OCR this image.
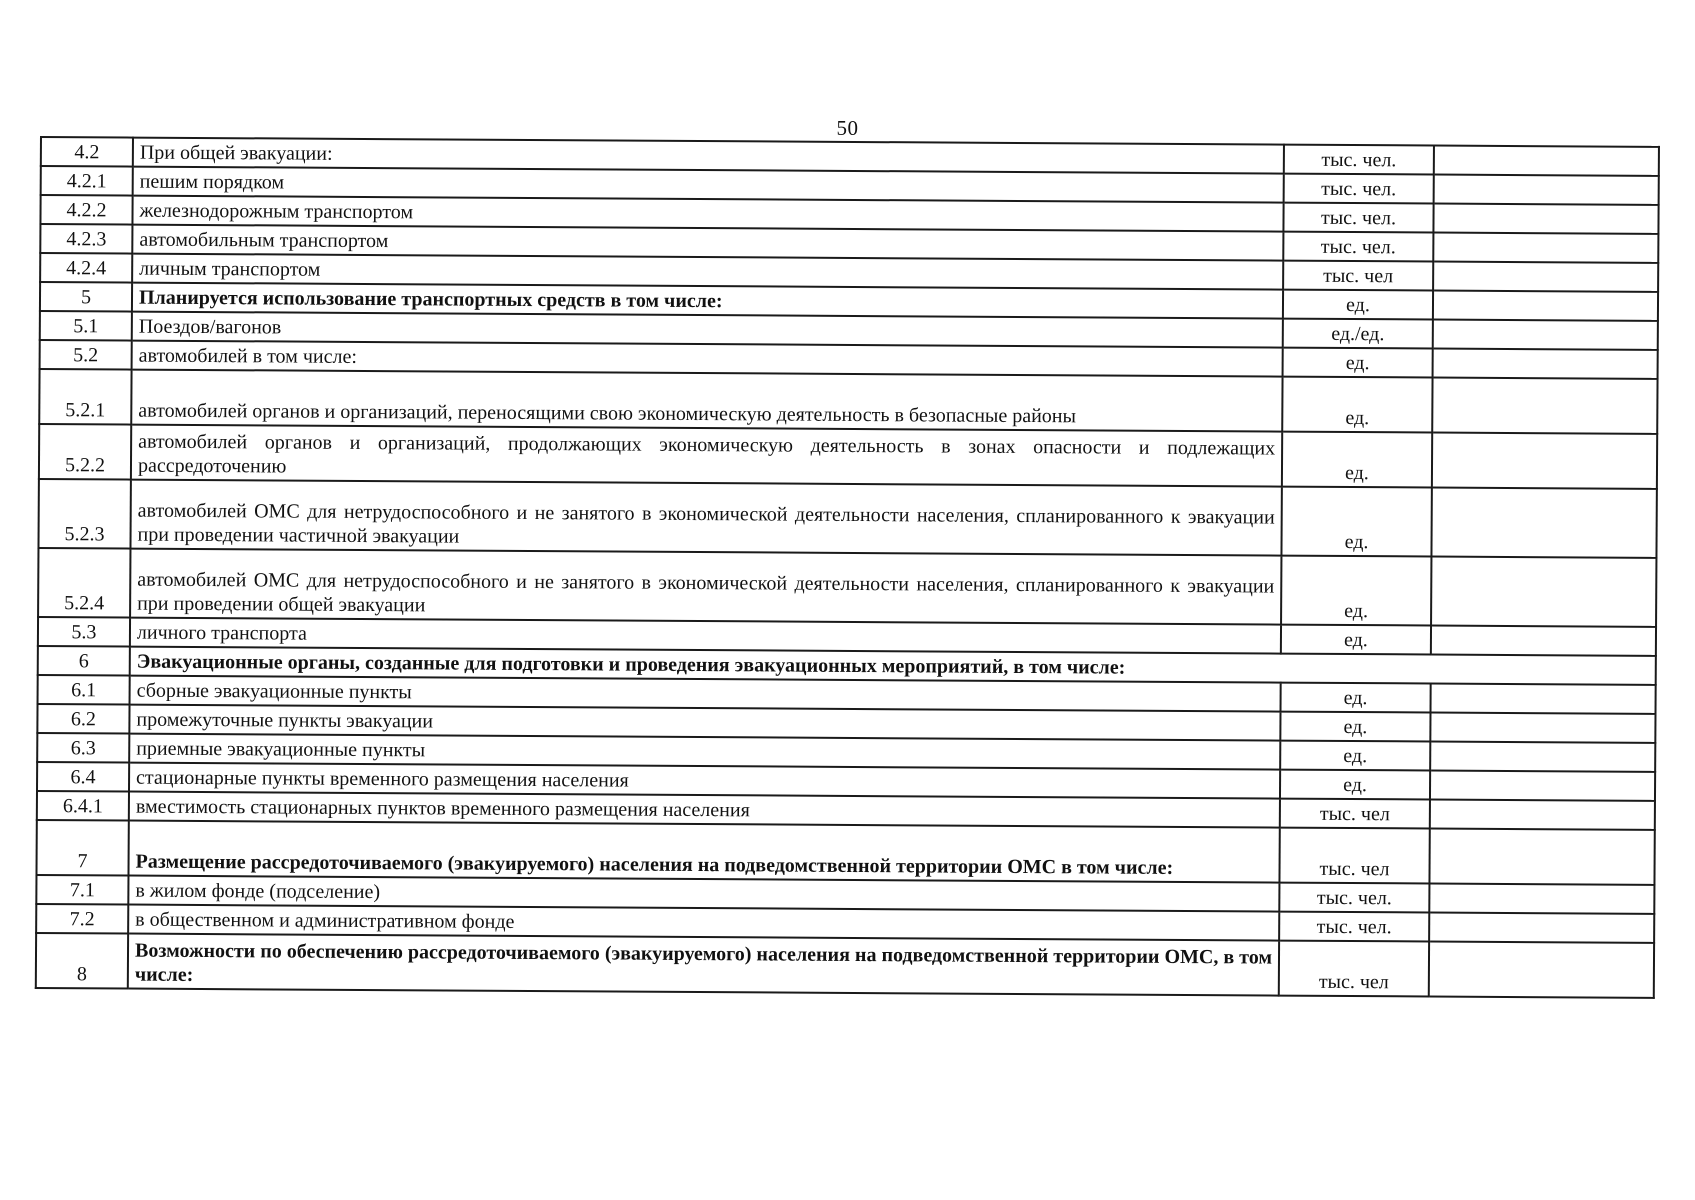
50
4.2	При общей эвакуации:	тыс. чел.	
4.2.1	пешим порядком	тыс. чел.	
4.2.2	железнодорожным транспортом	тыс. чел.	
4.2.3	автомобильным транспортом	тыс. чел.	
4.2.4	личным транспортом	тыс. чел	
5	Планируется использование транспортных средств в том числе:	ед.	
5.1	Поездов/вагонов	ед./ед.	
5.2	автомобилей в том числе:	ед.	
5.2.1	автомобилей органов и организаций, переносящими свою экономическую деятельность в безопасные районы	ед.	
5.2.2	автомобилей органов и организаций, продолжающих экономическую деятельность в зонах опасности и подлежащих рассредоточению	ед.	
5.2.3	автомобилей ОМС для нетрудоспособного и не занятого в экономической деятельности населения, спланированного к эвакуации при проведении частичной эвакуации	ед.	
5.2.4	автомобилей ОМС для нетрудоспособного и не занятого в экономической деятельности населения, спланированного к эвакуации при проведении общей эвакуации	ед.	
5.3	личного транспорта	ед.	
6	Эвакуационные органы, созданные для подготовки и проведения эвакуационных мероприятий, в том числе:		
6.1	сборные эвакуационные пункты	ед.	
6.2	промежуточные пункты эвакуации	ед.	
6.3	приемные эвакуационные пункты	ед.	
6.4	стационарные пункты временного размещения населения	ед.	
6.4.1	вместимость стационарных пунктов временного размещения населения	тыс. чел	
7	Размещение рассредоточиваемого (эвакуируемого) населения на подведомственной территории ОМС в том числе:	тыс. чел	
7.1	в жилом фонде (подселение)	тыс. чел.	
7.2	в общественном и административном фонде	тыс. чел.	
8	Возможности по обеспечению рассредоточиваемого (эвакуируемого) населения на подведомственной территории ОМС, в том числе:	тыс. чел	
